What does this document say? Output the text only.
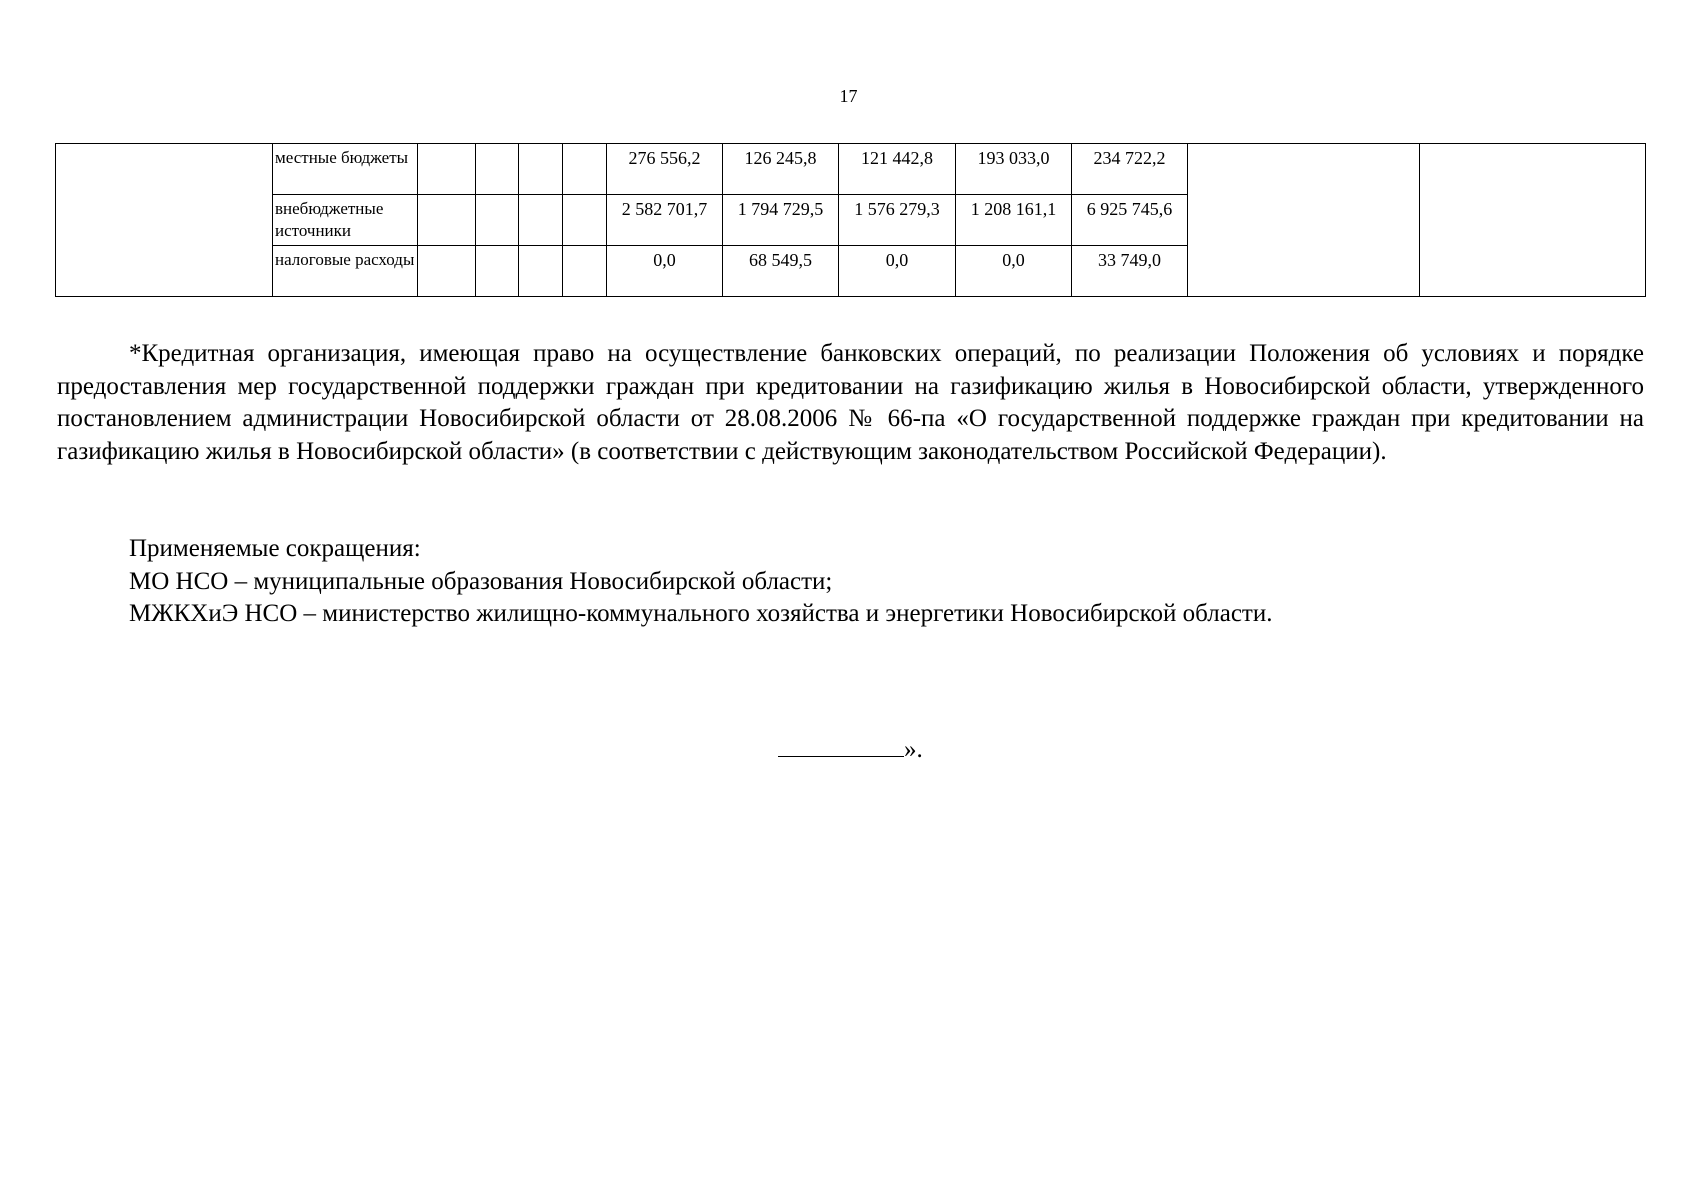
17
	местные бюджеты					276 556,2	126 245,8	121 442,8	193 033,0	234 722,2		
	внебюджетные источники					2 582 701,7	1 794 729,5	1 576 279,3	1 208 161,1	6 925 745,6		
	налоговые расходы					0,0	68 549,5	0,0	0,0	33 749,0		

*Кредитная организация, имеющая право на осуществление банковских операций, по реализации Положения об условиях и порядке предоставления мер государственной поддержки граждан при кредитовании на газификацию жилья в Новосибирской области, утвержденного постановлением администрации Новосибирской области от 28.08.2006 № 66-па «О государственной поддержке граждан при кредитовании на газификацию жилья в Новосибирской области» (в соответствии с действующим законодательством Российской Федерации).

Применяемые сокращения:
МО НСО – муниципальные образования Новосибирской области;
МЖКХиЭ НСО – министерство жилищно-коммунального хозяйства и энергетики Новосибирской области.
».
